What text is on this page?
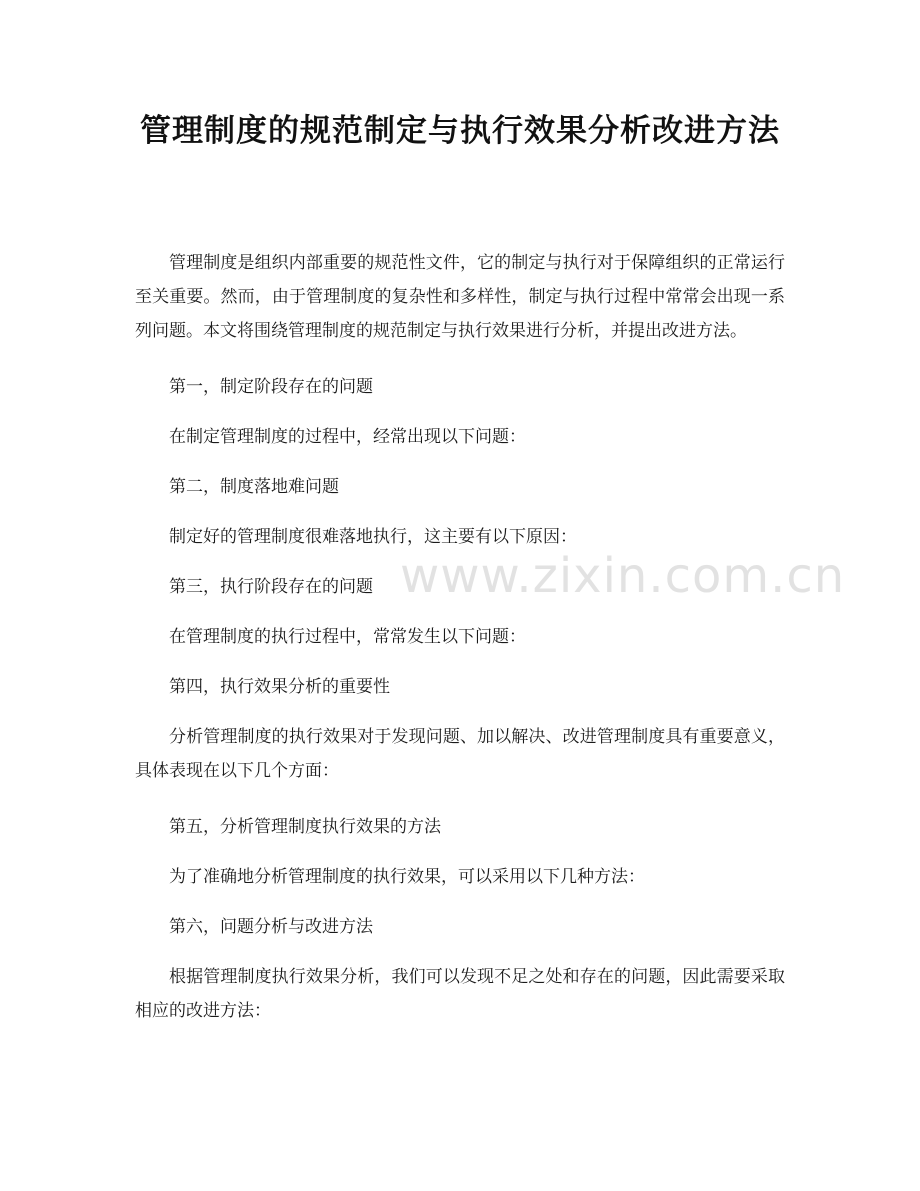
管理制度的规范制定与执行效果分析改进方法

管理制度是组织内部重要的规范性文件，它的制定与执行对于保障组织的正常运行至关重要。然而，由于管理制度的复杂性和多样性，制定与执行过程中常常会出现一系列问题。本文将围绕管理制度的规范制定与执行效果进行分析，并提出改进方法。

第一，制定阶段存在的问题

在制定管理制度的过程中，经常出现以下问题：

第二，制度落地难问题

制定好的管理制度很难落地执行，这主要有以下原因：

第三，执行阶段存在的问题

在管理制度的执行过程中，常常发生以下问题：

第四，执行效果分析的重要性

分析管理制度的执行效果对于发现问题、加以解决、改进管理制度具有重要意义，具体表现在以下几个方面：

第五，分析管理制度执行效果的方法

为了准确地分析管理制度的执行效果，可以采用以下几种方法：

第六，问题分析与改进方法

根据管理制度执行效果分析，我们可以发现不足之处和存在的问题，因此需要采取相应的改进方法：

www.zixin.com.cn
